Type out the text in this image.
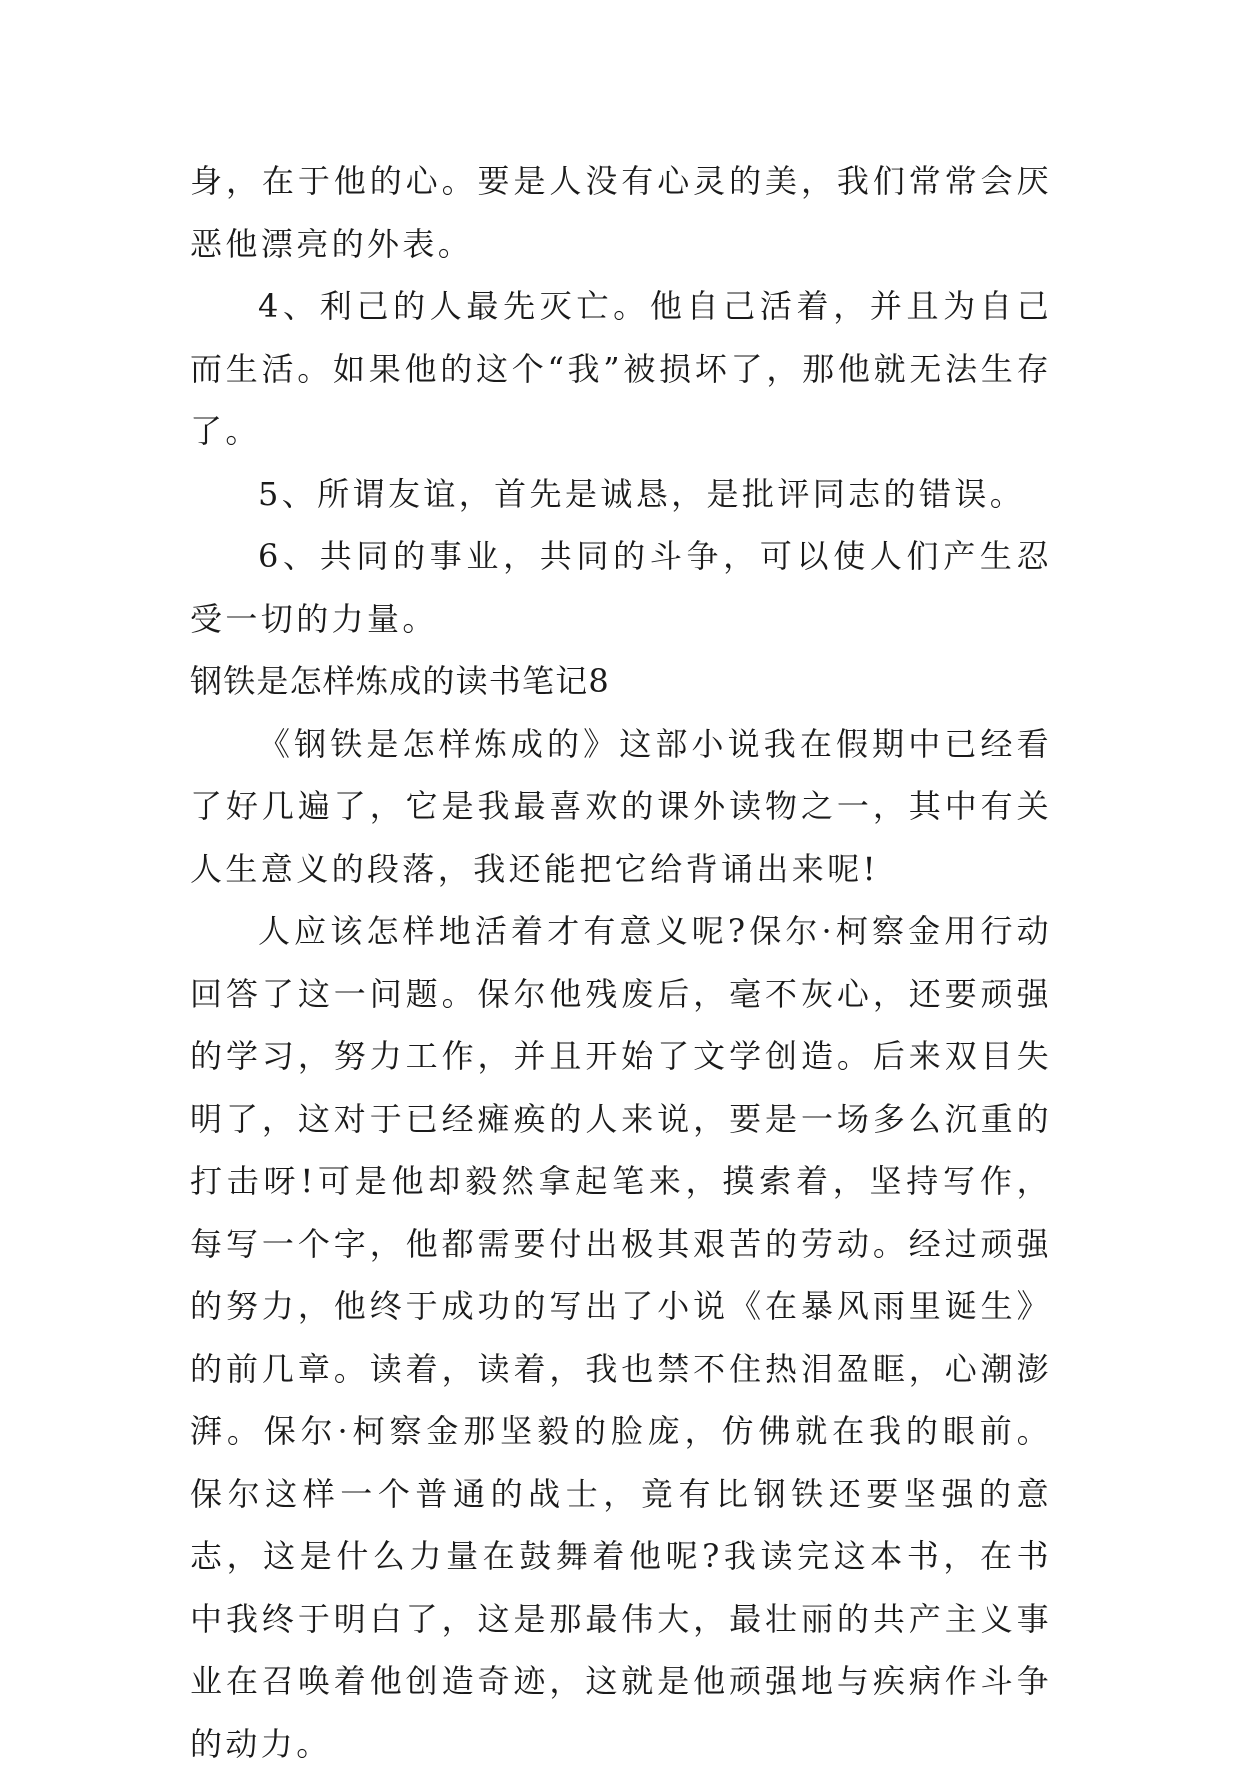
身，在于他的心。要是人没有心灵的美，我们常常会厌恶他漂亮的外表。

4、利己的人最先灭亡。他自己活着，并且为自己而生活。如果他的这个“我”被损坏了，那他就无法生存了。

5、所谓友谊，首先是诚恳，是批评同志的错误。

6、共同的事业，共同的斗争，可以使人们产生忍受一切的力量。

钢铁是怎样炼成的读书笔记8

《钢铁是怎样炼成的》这部小说我在假期中已经看了好几遍了，它是我最喜欢的课外读物之一，其中有关人生意义的段落，我还能把它给背诵出来呢!

人应该怎样地活着才有意义呢?保尔·柯察金用行动回答了这一问题。保尔他残废后，毫不灰心，还要顽强的学习，努力工作，并且开始了文学创造。后来双目失明了，这对于已经瘫痪的人来说，要是一场多么沉重的打击呀!可是他却毅然拿起笔来，摸索着，坚持写作，每写一个字，他都需要付出极其艰苦的劳动。经过顽强的努力，他终于成功的写出了小说《在暴风雨里诞生》的前几章。读着，读着，我也禁不住热泪盈眶，心潮澎湃。保尔·柯察金那坚毅的脸庞，仿佛就在我的眼前。保尔这样一个普通的战士，竟有比钢铁还要坚强的意志，这是什么力量在鼓舞着他呢?我读完这本书，在书中我终于明白了，这是那最伟大，最壮丽的共产主义事业在召唤着他创造奇迹，这就是他顽强地与疾病作斗争的动力。
